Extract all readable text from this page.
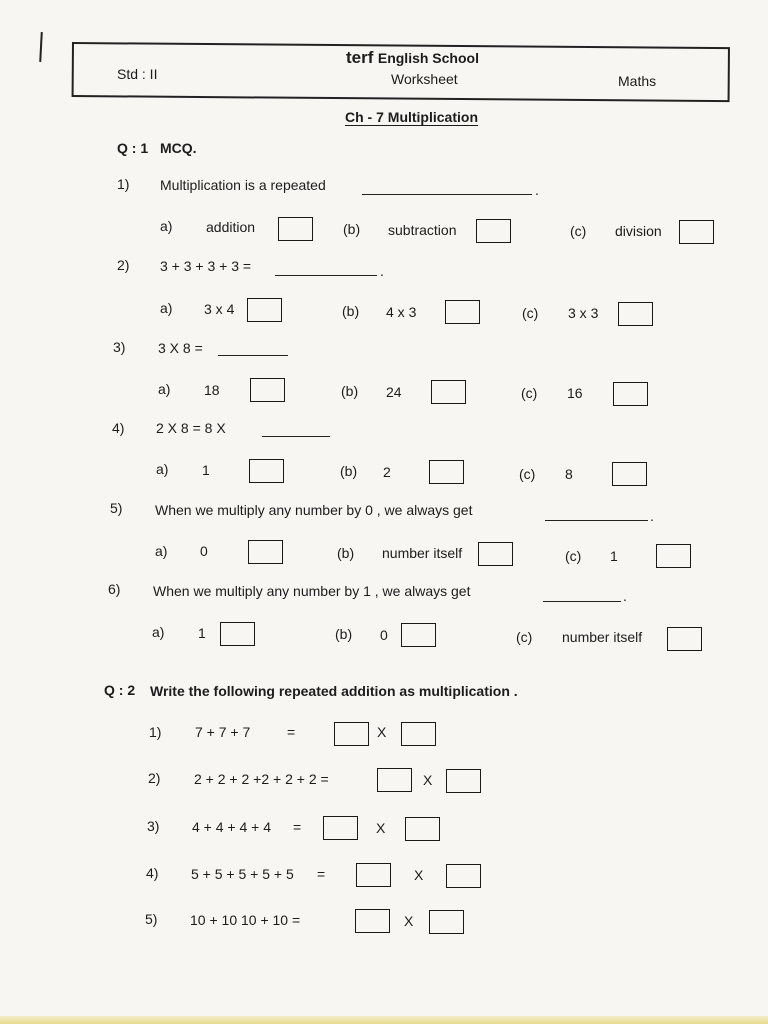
terf English School
Std : II	Worksheet	Maths
Ch - 7 Multiplication
Q : 1 MCQ.
1) Multiplication is a repeated	.
a) addition	(b) subtraction	(c) division
2) 3 + 3 + 3 + 3 =	.
a) 3 x 4	(b) 4 x 3	(c) 3 x 3
3) 3 X 8 =
a) 18	(b) 24	(c) 16
4) 2 X 8 = 8 X
a) 1	(b) 2	(c) 8
5) When we multiply any number by 0 , we always get	.
a) 0	(b) number itself	(c) 1
6) When we multiply any number by 1 , we always get	.
a) 1	(b) 0	(c) number itself
Q : 2 Write the following repeated addition as multiplication .
1) 7 + 7 + 7	=	X
2) 2 + 2 + 2 +2 + 2 + 2 =	X
3) 4 + 4 + 4 + 4 =	X
4) 5 + 5 + 5 + 5 + 5 =	X
5) 10 + 10 10 + 10 =	X
